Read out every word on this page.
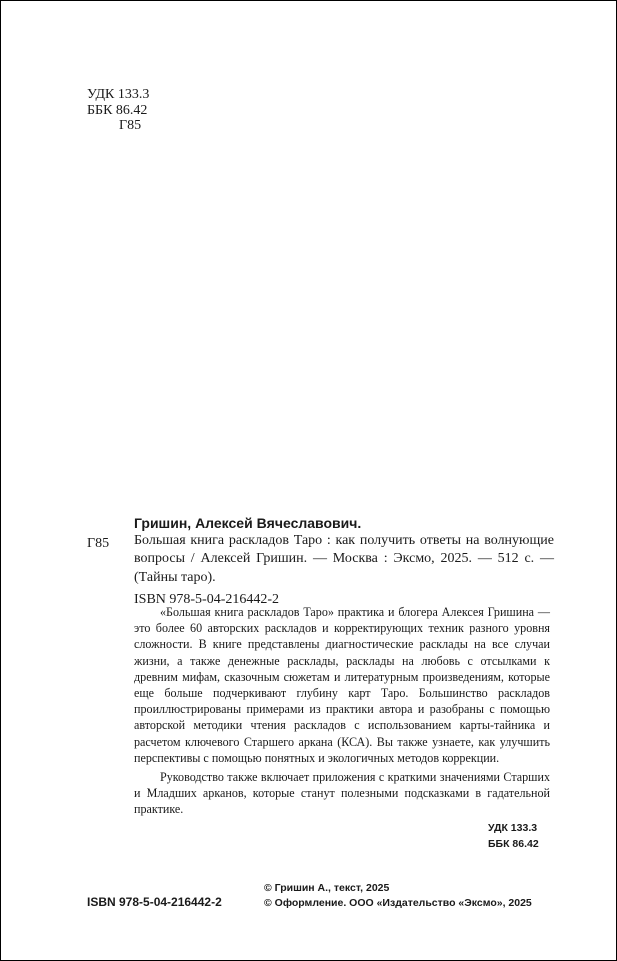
УДК 133.3
ББК 86.42
Г85
Г85

Гришин, Алексей Вячеславович.

Большая книга раскладов Таро : как получить ответы на волнующие вопросы / Алексей Гришин. — Москва : Эксмо, 2025. — 512 с. — (Тайны таро).

ISBN 978-5-04-216442-2

«Большая книга раскладов Таро» практика и блогера Алексея Гришина — это более 60 авторских раскладов и корректирующих техник разного уровня сложности. В книге представлены диагностические расклады на все случаи жизни, а также денежные расклады, расклады на любовь с отсылками к древним мифам, сказочным сюжетам и литературным произведениям, которые еще больше подчеркивают глубину карт Таро. Большинство раскладов проиллюстрированы примерами из практики автора и разобраны с помощью авторской методики чтения раскладов с использованием карты-тайника и расчетом ключевого Старшего аркана (КСА). Вы также узнаете, как улучшить перспективы с помощью понятных и экологичных методов коррекции.

Руководство также включает приложения с краткими значениями Старших и Младших арканов, которые станут полезными подсказками в гадательной практике.

УДК 133.3
ББК 86.42
ISBN 978-5-04-216442-2
© Гришин А., текст, 2025
© Оформление. ООО «Издательство «Эксмо», 2025
